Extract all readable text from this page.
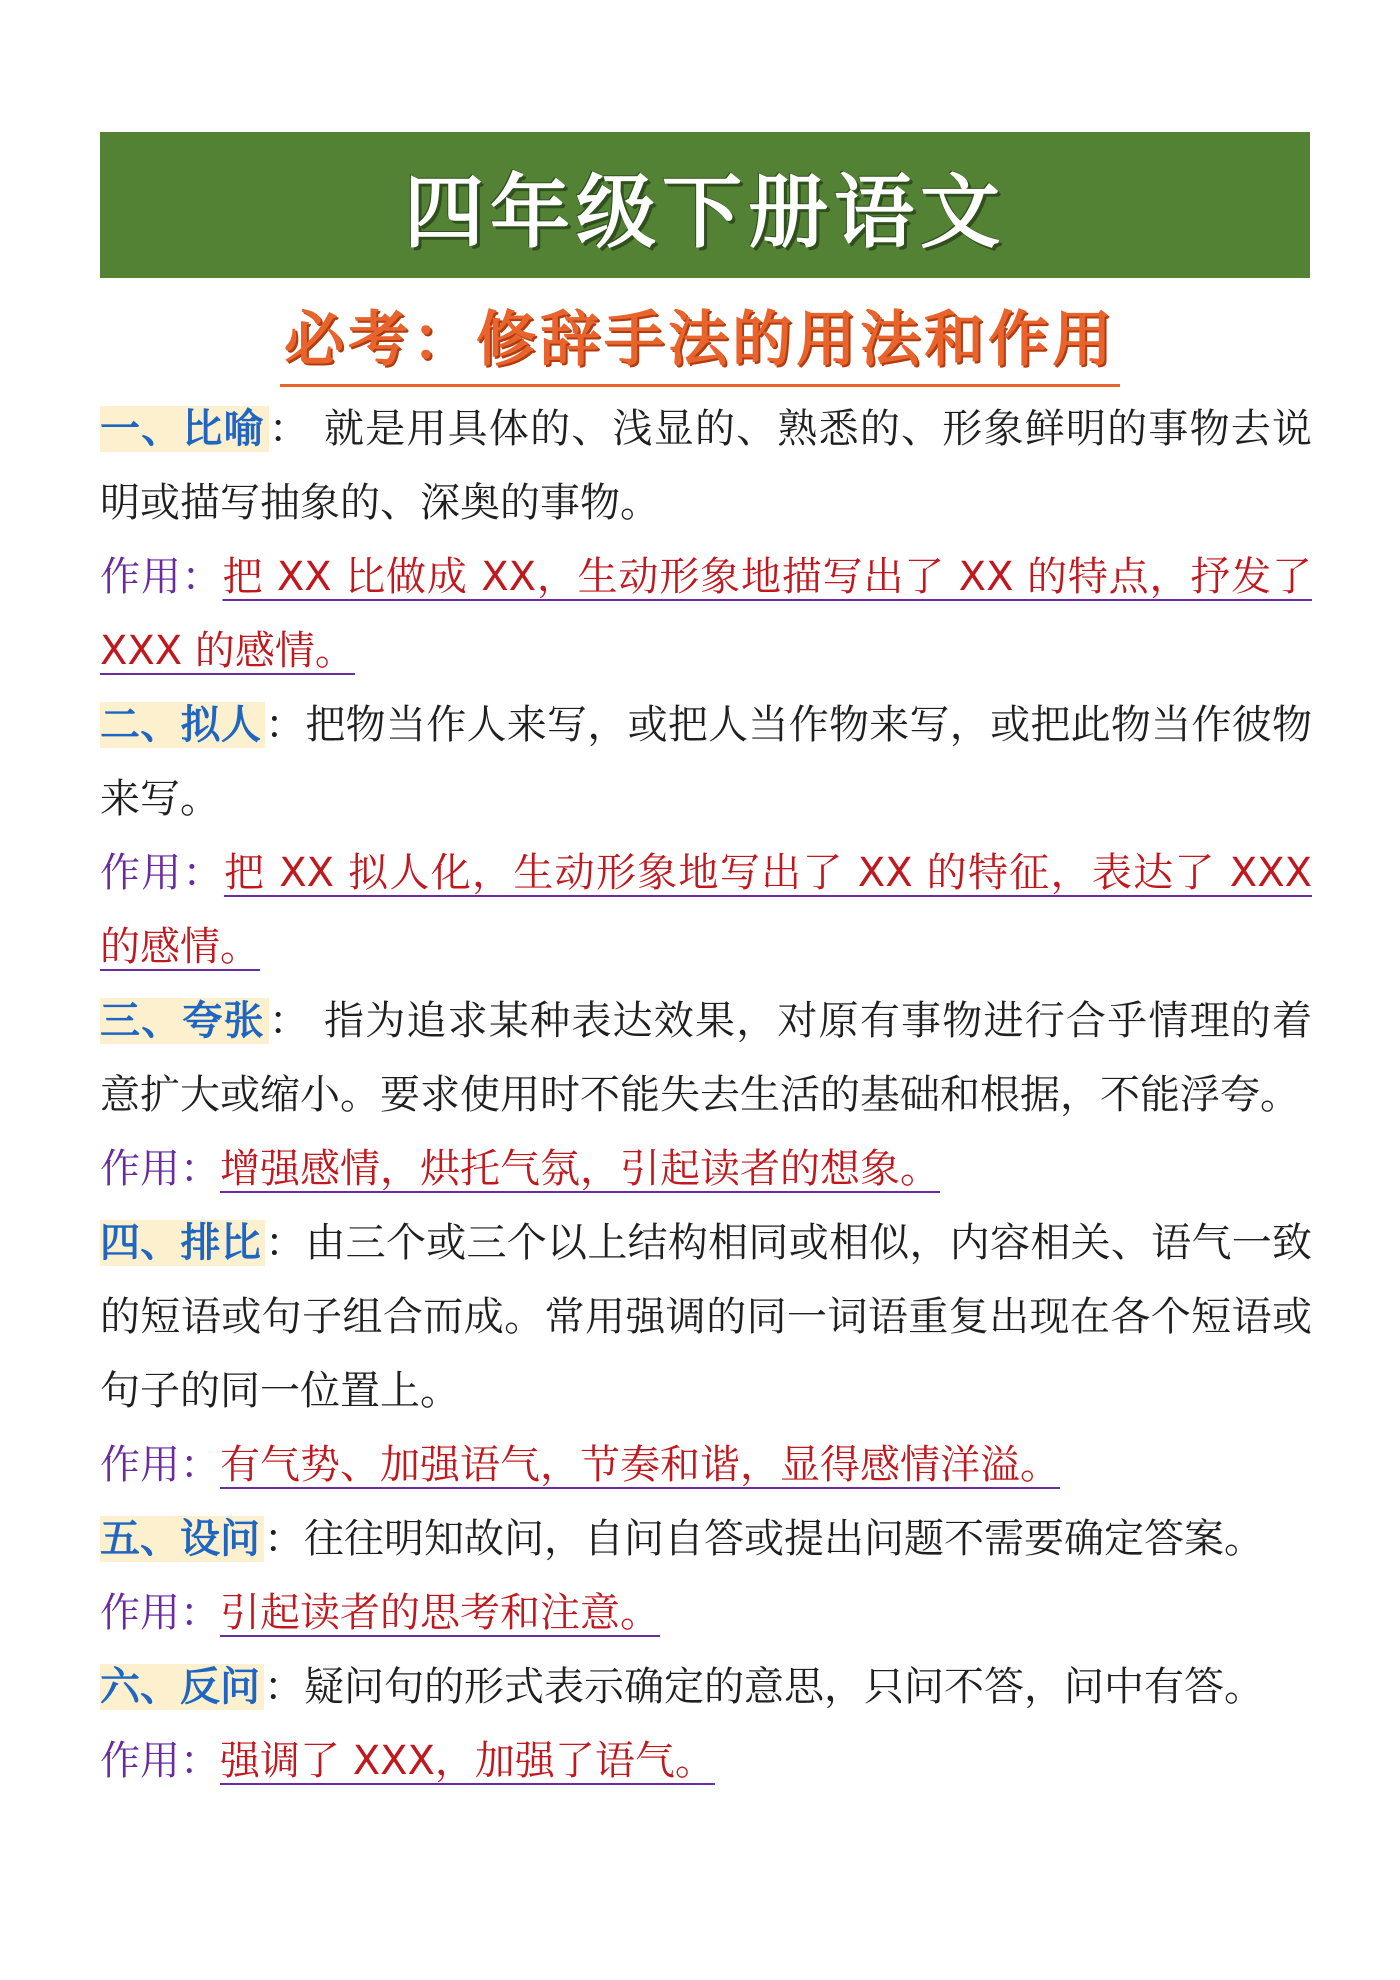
四年级下册语文
必考：修辞手法的用法和作用

一、比喻 ： 就是用具体的、浅显的、熟悉的、形象鲜明的事物去说明或描写抽象的、深奥的事物。

作用：把 XX 比做成 XX，生动形象地描写出了 XX 的特点，抒发了 XXX 的感情。

二、拟人 ：把物当作人来写，或把人当作物来写，或把此物当作彼物来写。

作用：把 XX 拟人化，生动形象地写出了 XX 的特征，表达了 XXX 的感情。

三、夸张 ： 指为追求某种表达效果，对原有事物进行合乎情理的着意扩大或缩小。要求使用时不能失去生活的基础和根据，不能浮夸。

作用：增强感情，烘托气氛，引起读者的想象。

四、排比 ：由三个或三个以上结构相同或相似，内容相关、语气一致的短语或句子组合而成。常用强调的同一词语重复出现在各个短语或句子的同一位置上。

作用：有气势、加强语气，节奏和谐，显得感情洋溢。

五、设问 ：往往明知故问，自问自答或提出问题不需要确定答案。

作用：引起读者的思考和注意。

六、反问 ：疑问句的形式表示确定的意思，只问不答，问中有答。

作用：强调了 XXX，加强了语气。
